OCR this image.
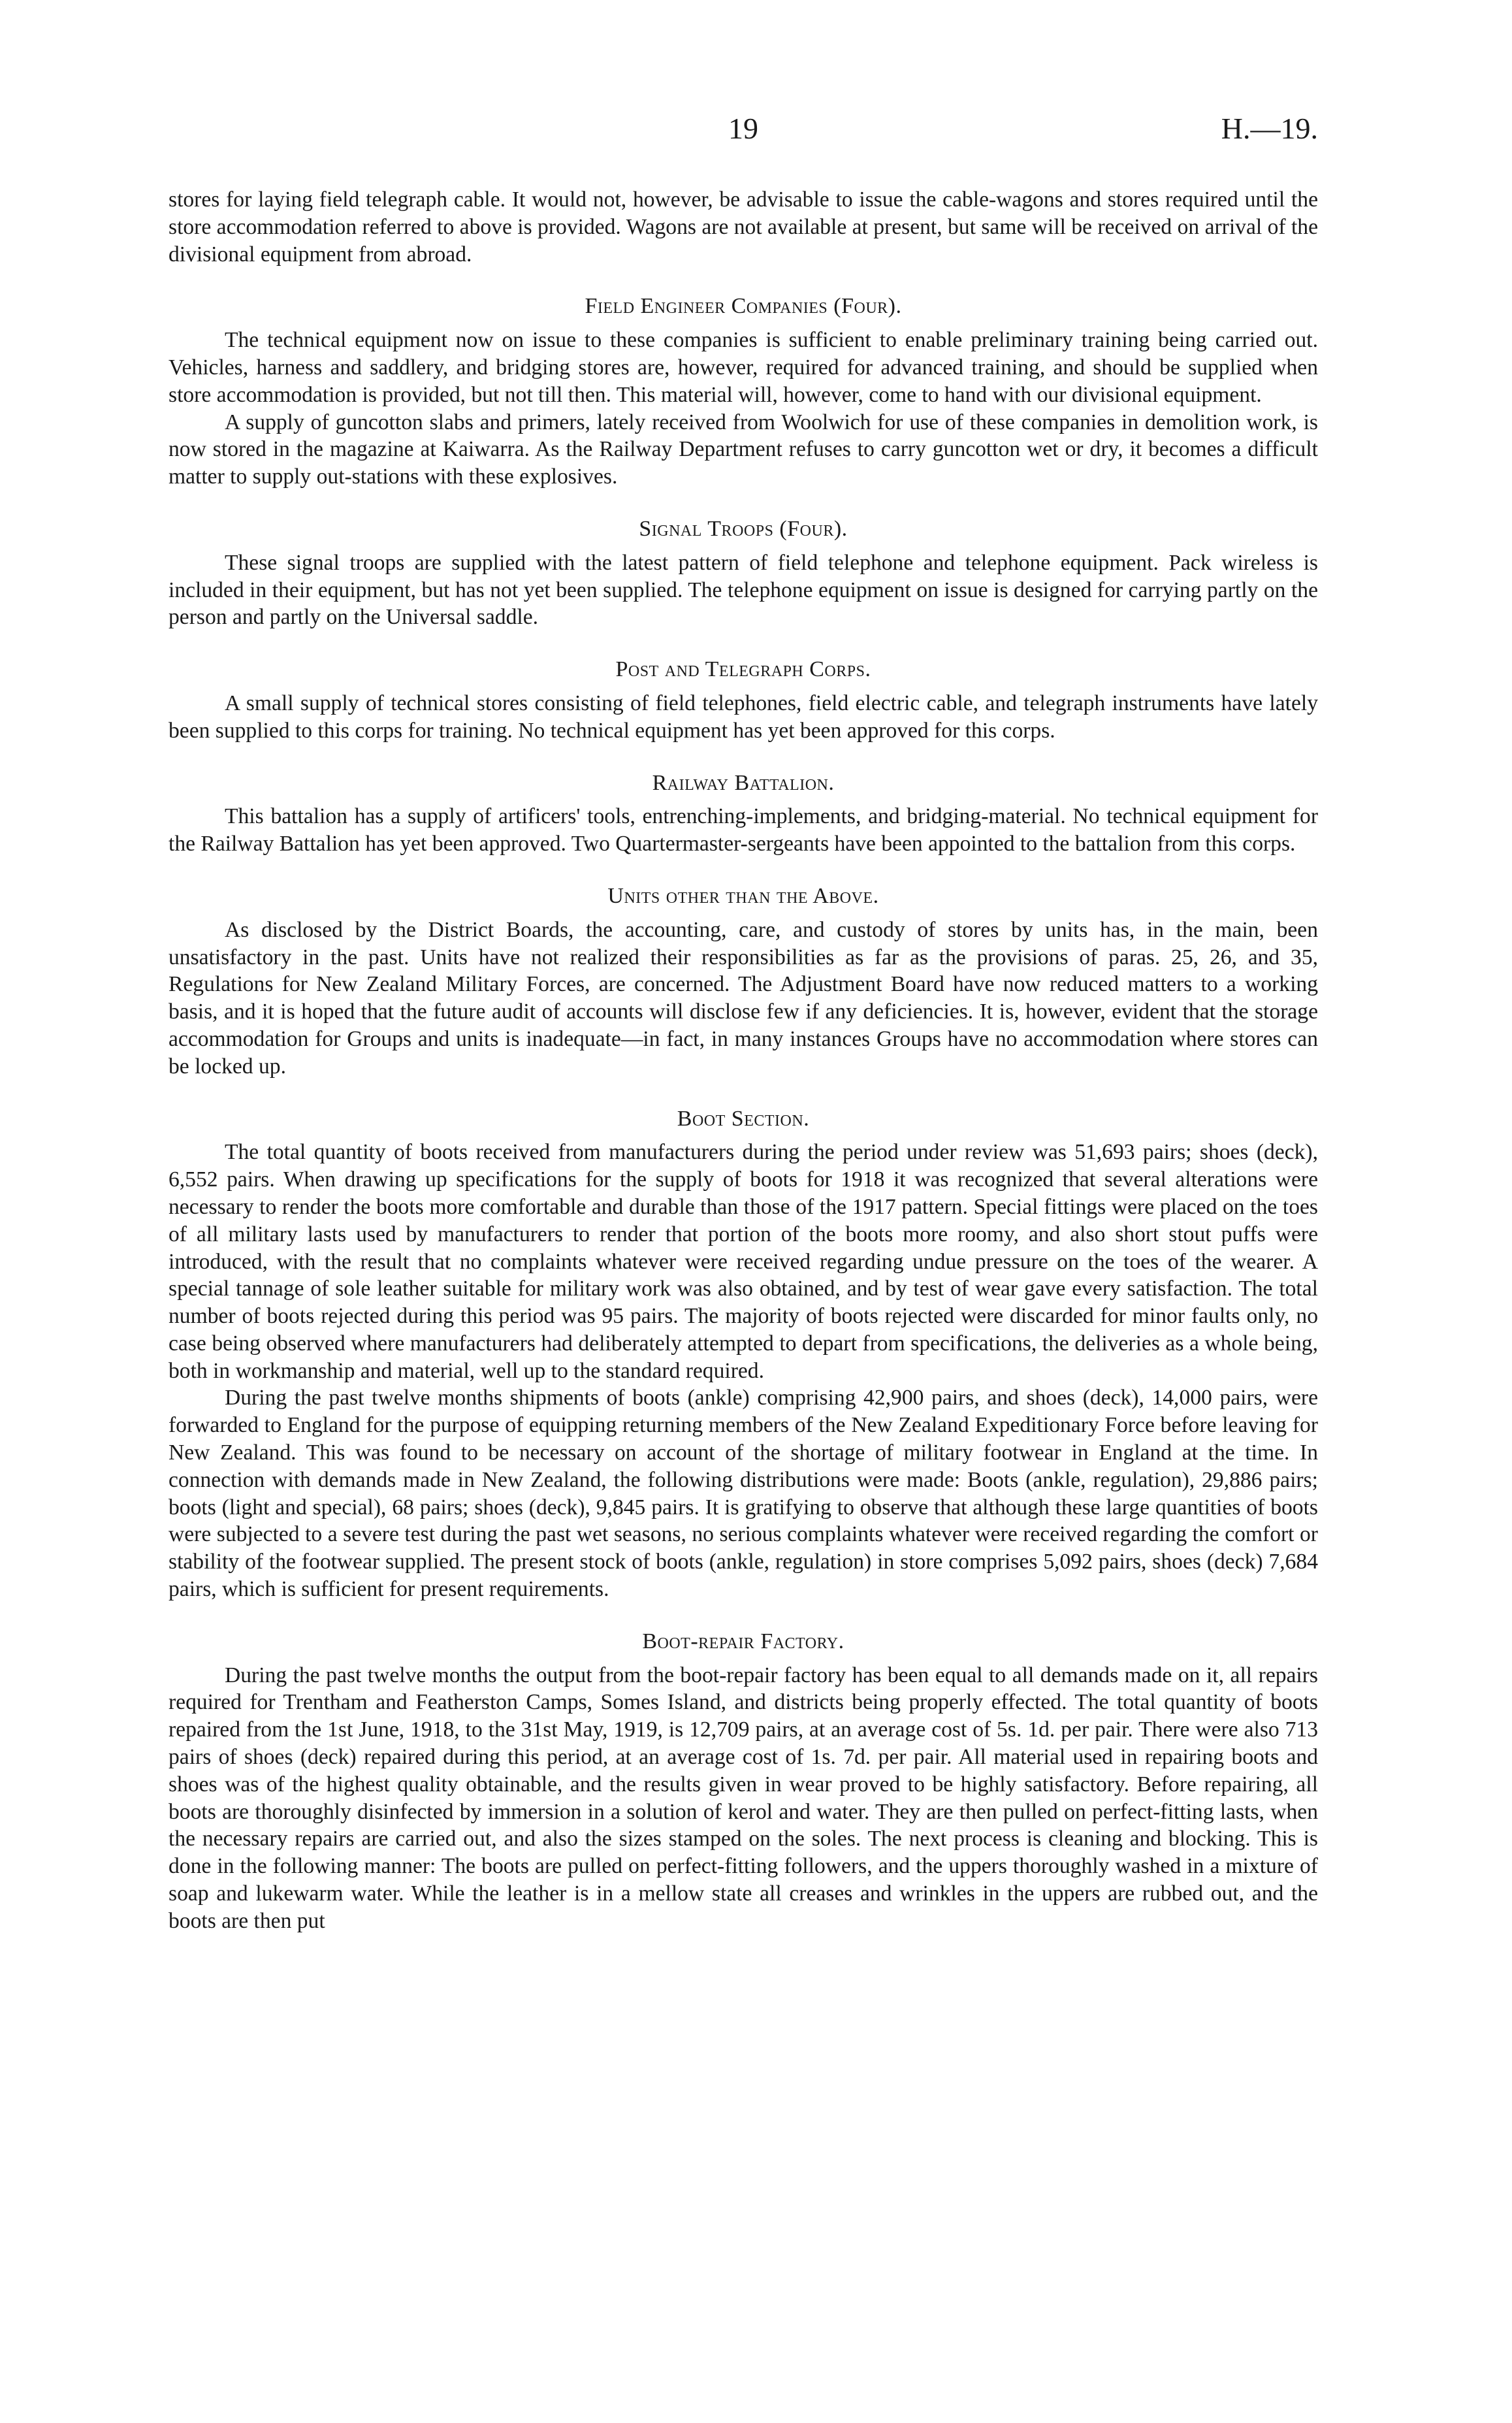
19	H.—19.

stores for laying field telegraph cable. It would not, however, be advisable to issue the cable-wagons and stores required until the store accommodation referred to above is provided. Wagons are not available at present, but same will be received on arrival of the divisional equipment from abroad.

Field Engineer Companies (Four).

The technical equipment now on issue to these companies is sufficient to enable preliminary training being carried out. Vehicles, harness and saddlery, and bridging stores are, however, required for advanced training, and should be supplied when store accommodation is provided, but not till then. This material will, however, come to hand with our divisional equipment.

A supply of guncotton slabs and primers, lately received from Woolwich for use of these companies in demolition work, is now stored in the magazine at Kaiwarra. As the Railway Department refuses to carry guncotton wet or dry, it becomes a difficult matter to supply out-stations with these explosives.

Signal Troops (Four).

These signal troops are supplied with the latest pattern of field telephone and telephone equipment. Pack wireless is included in their equipment, but has not yet been supplied. The telephone equipment on issue is designed for carrying partly on the person and partly on the Universal saddle.

Post and Telegraph Corps.

A small supply of technical stores consisting of field telephones, field electric cable, and telegraph instruments have lately been supplied to this corps for training. No technical equipment has yet been approved for this corps.

Railway Battalion.

This battalion has a supply of artificers' tools, entrenching-implements, and bridging-material. No technical equipment for the Railway Battalion has yet been approved. Two Quartermaster-sergeants have been appointed to the battalion from this corps.

Units other than the Above.

As disclosed by the District Boards, the accounting, care, and custody of stores by units has, in the main, been unsatisfactory in the past. Units have not realized their responsibilities as far as the provisions of paras. 25, 26, and 35, Regulations for New Zealand Military Forces, are concerned. The Adjustment Board have now reduced matters to a working basis, and it is hoped that the future audit of accounts will disclose few if any deficiencies. It is, however, evident that the storage accommodation for Groups and units is inadequate—in fact, in many instances Groups have no accommodation where stores can be locked up.

Boot Section.

The total quantity of boots received from manufacturers during the period under review was 51,693 pairs; shoes (deck), 6,552 pairs. When drawing up specifications for the supply of boots for 1918 it was recognized that several alterations were necessary to render the boots more comfortable and durable than those of the 1917 pattern. Special fittings were placed on the toes of all military lasts used by manufacturers to render that portion of the boots more roomy, and also short stout puffs were introduced, with the result that no complaints whatever were received regarding undue pressure on the toes of the wearer. A special tannage of sole leather suitable for military work was also obtained, and by test of wear gave every satisfaction. The total number of boots rejected during this period was 95 pairs. The majority of boots rejected were discarded for minor faults only, no case being observed where manufacturers had deliberately attempted to depart from specifications, the deliveries as a whole being, both in workmanship and material, well up to the standard required.

During the past twelve months shipments of boots (ankle) comprising 42,900 pairs, and shoes (deck), 14,000 pairs, were forwarded to England for the purpose of equipping returning members of the New Zealand Expeditionary Force before leaving for New Zealand. This was found to be necessary on account of the shortage of military footwear in England at the time. In connection with demands made in New Zealand, the following distributions were made: Boots (ankle, regulation), 29,886 pairs; boots (light and special), 68 pairs; shoes (deck), 9,845 pairs. It is gratifying to observe that although these large quantities of boots were subjected to a severe test during the past wet seasons, no serious complaints whatever were received regarding the comfort or stability of the footwear supplied. The present stock of boots (ankle, regulation) in store comprises 5,092 pairs, shoes (deck) 7,684 pairs, which is sufficient for present requirements.

Boot-repair Factory.

During the past twelve months the output from the boot-repair factory has been equal to all demands made on it, all repairs required for Trentham and Featherston Camps, Somes Island, and districts being properly effected. The total quantity of boots repaired from the 1st June, 1918, to the 31st May, 1919, is 12,709 pairs, at an average cost of 5s. 1d. per pair. There were also 713 pairs of shoes (deck) repaired during this period, at an average cost of 1s. 7d. per pair. All material used in repairing boots and shoes was of the highest quality obtainable, and the results given in wear proved to be highly satisfactory. Before repairing, all boots are thoroughly disinfected by immersion in a solution of kerol and water. They are then pulled on perfect-fitting lasts, when the necessary repairs are carried out, and also the sizes stamped on the soles. The next process is cleaning and blocking. This is done in the following manner: The boots are pulled on perfect-fitting followers, and the uppers thoroughly washed in a mixture of soap and lukewarm water. While the leather is in a mellow state all creases and wrinkles in the uppers are rubbed out, and the boots are then put
